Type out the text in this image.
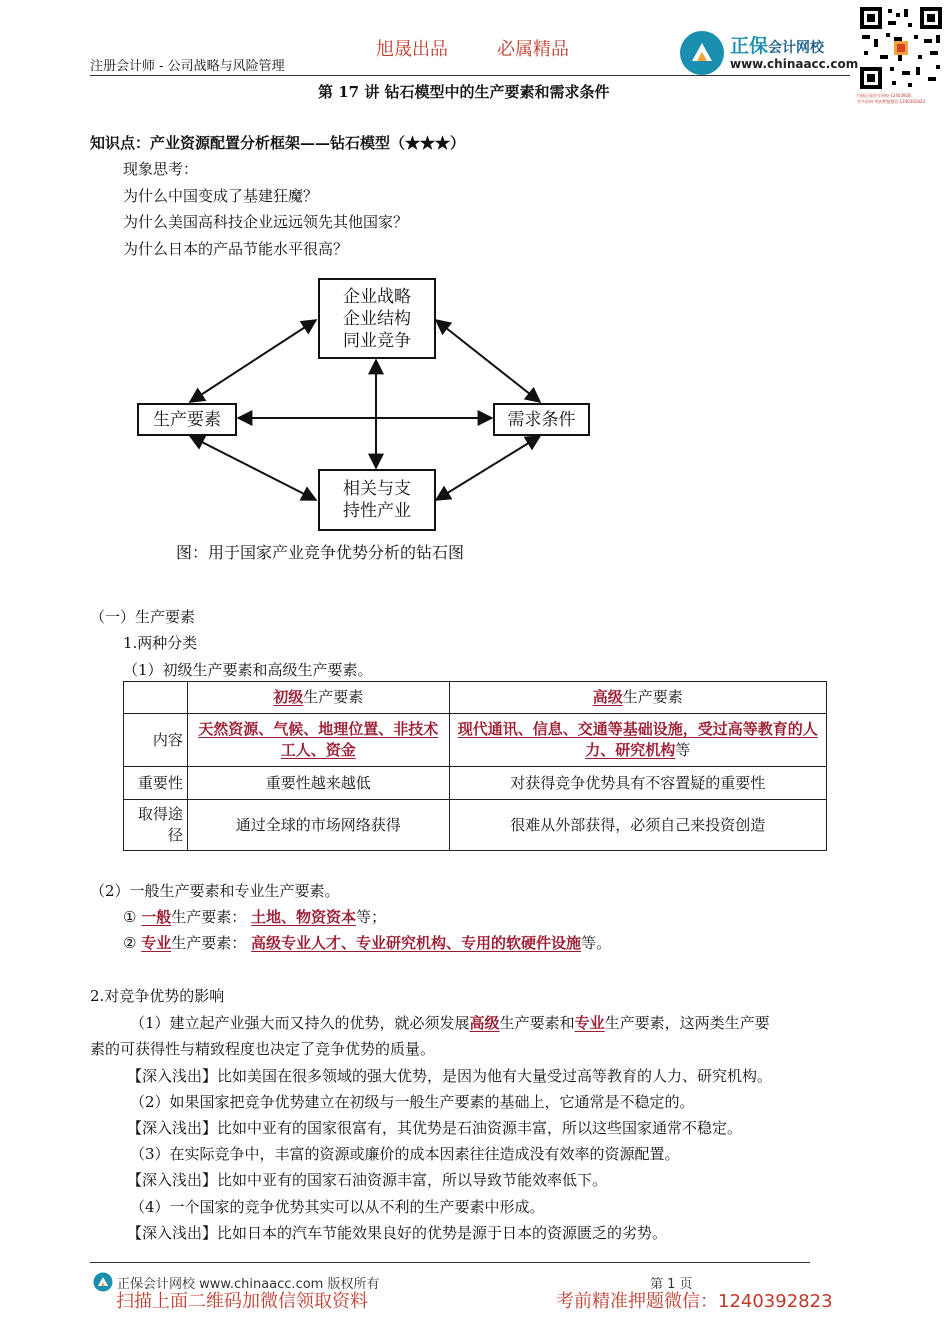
注册会计师 - 公司战略与风险管理
旭晟出品	必属精品	正保会计网校
www.chinaacc.com
扫描正保会计网校·12403928
更多资料·考前押题微信·1240392823
第 17 讲 钻石模型中的生产要素和需求条件
知识点：产业资源配置分析框架——钻石模型（★★★）
现象思考：
为什么中国变成了基建狂魔？
为什么美国高科技企业远远领先其他国家？
为什么日本的产品节能水平很高？
企业战略
企业结构
同业竞争
生产要素	需求条件
相关与支
持性产业
图：用于国家产业竞争优势分析的钻石图
（一）生产要素
1.两种分类
（1）初级生产要素和高级生产要素。
	初级生产要素	高级生产要素
内容	天然资源、气候、地理位置、非技术工人、资金	现代通讯、信息、交通等基础设施，受过高等教育的人力、研究机构等
重要性	重要性越来越低	对获得竞争优势具有不容置疑的重要性
取得途径	通过全球的市场网络获得	很难从外部获得，必须自己来投资创造
（2）一般生产要素和专业生产要素。
① 一般生产要素： 土地、物资资本等；
② 专业生产要素： 高级专业人才、专业研究机构、专用的软硬件设施等。
2.对竞争优势的影响
（1）建立起产业强大而又持久的优势，就必须发展高级生产要素和专业生产要素，这两类生产要
素的可获得性与精致程度也决定了竞争优势的质量。
【深入浅出】比如美国在很多领域的强大优势，是因为他有大量受过高等教育的人力、研究机构。
（2）如果国家把竞争优势建立在初级与一般生产要素的基础上，它通常是不稳定的。
【深入浅出】比如中亚有的国家很富有，其优势是石油资源丰富，所以这些国家通常不稳定。
（3）在实际竞争中，丰富的资源或廉价的成本因素往往造成没有效率的资源配置。
【深入浅出】比如中亚有的国家石油资源丰富，所以导致节能效率低下。
（4）一个国家的竞争优势其实可以从不利的生产要素中形成。
【深入浅出】比如日本的汽车节能效果良好的优势是源于日本的资源匮乏的劣势。
正保会计网校 www.chinaacc.com 版权所有	第 1 页
扫描上面二维码加微信领取资料	考前精准押题微信：1240392823
